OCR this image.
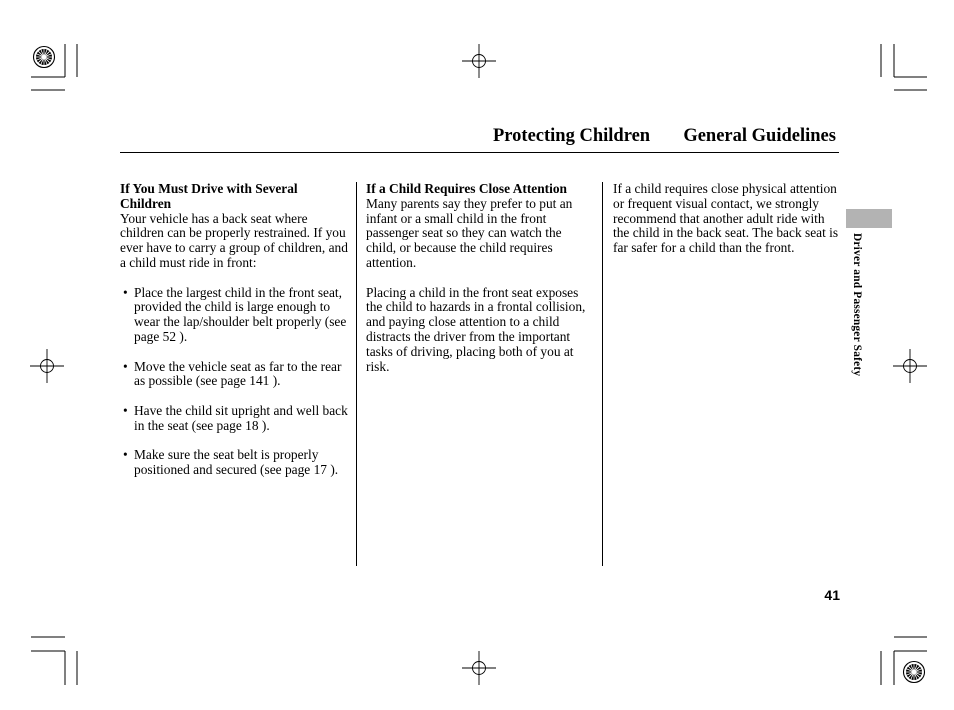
Protecting Children General Guidelines

If You Must Drive with Several Children

Your vehicle has a back seat where children can be properly restrained. If you ever have to carry a group of children, and a child must ride in front:

• Place the largest child in the front seat, provided the child is large enough to wear the lap/shoulder belt properly (see page 52 ).
• Move the vehicle seat as far to the rear as possible (see page 141 ).
• Have the child sit upright and well back in the seat (see page 18 ).
• Make sure the seat belt is properly positioned and secured (see page 17 ).

If a Child Requires Close Attention

Many parents say they prefer to put an infant or a small child in the front passenger seat so they can watch the child, or because the child requires attention.

Placing a child in the front seat exposes the child to hazards in a frontal collision, and paying close attention to a child distracts the driver from the important tasks of driving, placing both of you at risk.

If a child requires close physical attention or frequent visual contact, we strongly recommend that another adult ride with the child in the back seat. The back seat is far safer for a child than the front.	Driver and Passenger Safety
41
